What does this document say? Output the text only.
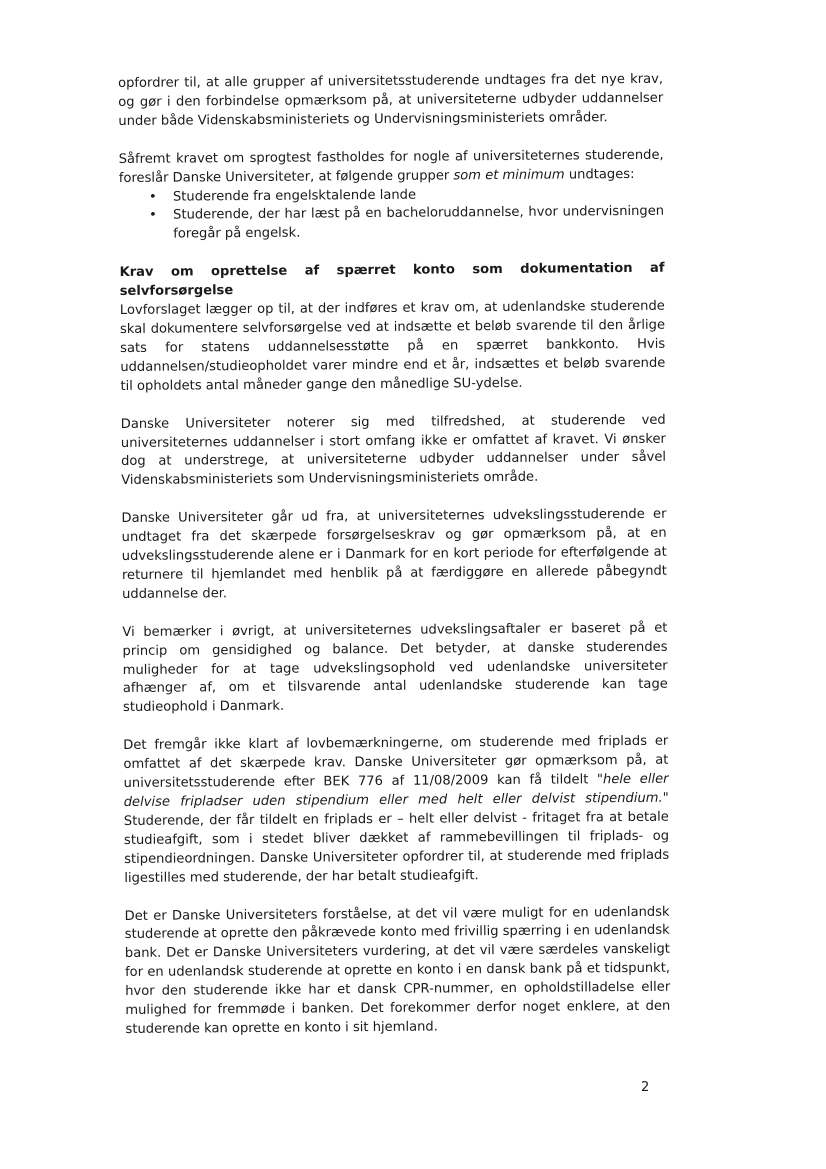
opfordrer til, at alle grupper af universitetsstuderende undtages fra det nye krav, og gør i den forbindelse opmærksom på, at universiteterne udbyder uddannelser under både Videnskabsministeriets og Undervisningsministeriets områder.

Såfremt kravet om sprogtest fastholdes for nogle af universiteternes studerende, foreslår Danske Universiteter, at følgende grupper som et minimum undtages:

• Studerende fra engelsktalende lande
• Studerende, der har læst på en bacheloruddannelse, hvor undervisningen foregår på engelsk.

Krav om oprettelse af spærret konto som dokumentation af selvforsørgelse

Lovforslaget lægger op til, at der indføres et krav om, at udenlandske studerende skal dokumentere selvforsørgelse ved at indsætte et beløb svarende til den årlige sats for statens uddannelsesstøtte på en spærret bankkonto. Hvis uddannelsen/studieopholdet varer mindre end et år, indsættes et beløb svarende til opholdets antal måneder gange den månedlige SU-ydelse.

Danske Universiteter noterer sig med tilfredshed, at studerende ved universiteternes uddannelser i stort omfang ikke er omfattet af kravet. Vi ønsker dog at understrege, at universiteterne udbyder uddannelser under såvel Videnskabsministeriets som Undervisningsministeriets område.

Danske Universiteter går ud fra, at universiteternes udvekslingsstuderende er undtaget fra det skærpede forsørgelseskrav og gør opmærksom på, at en udvekslingsstuderende alene er i Danmark for en kort periode for efterfølgende at returnere til hjemlandet med henblik på at færdiggøre en allerede påbegyndt uddannelse der.

Vi bemærker i øvrigt, at universiteternes udvekslingsaftaler er baseret på et princip om gensidighed og balance. Det betyder, at danske studerendes muligheder for at tage udvekslingsophold ved udenlandske universiteter afhænger af, om et tilsvarende antal udenlandske studerende kan tage studieophold i Danmark.

Det fremgår ikke klart af lovbemærkningerne, om studerende med friplads er omfattet af det skærpede krav. Danske Universiteter gør opmærksom på, at universitetsstuderende efter BEK 776 af 11/08/2009 kan få tildelt "hele eller delvise fripladser uden stipendium eller med helt eller delvist stipendium." Studerende, der får tildelt en friplads er – helt eller delvist - fritaget fra at betale studieafgift, som i stedet bliver dækket af rammebevillingen til friplads- og stipendieordningen. Danske Universiteter opfordrer til, at studerende med friplads ligestilles med studerende, der har betalt studieafgift.

Det er Danske Universiteters forståelse, at det vil være muligt for en udenlandsk studerende at oprette den påkrævede konto med frivillig spærring i en udenlandsk bank. Det er Danske Universiteters vurdering, at det vil være særdeles vanskeligt for en udenlandsk studerende at oprette en konto i en dansk bank på et tidspunkt, hvor den studerende ikke har et dansk CPR-nummer, en opholdstilladelse eller mulighed for fremmøde i banken. Det forekommer derfor noget enklere, at den studerende kan oprette en konto i sit hjemland.

2
